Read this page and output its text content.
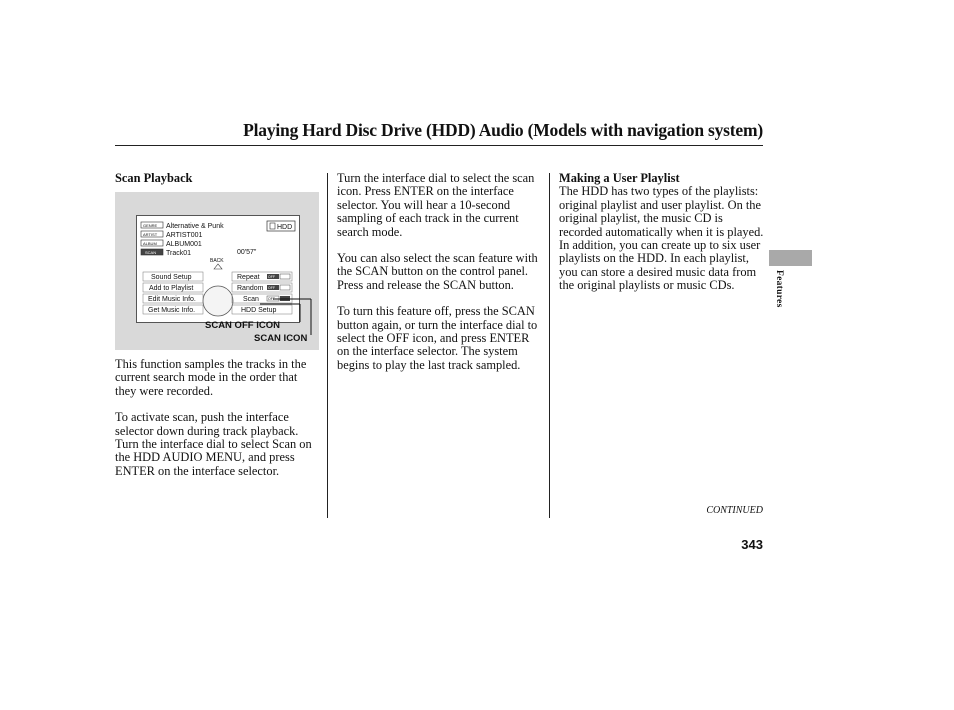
Playing Hard Disc Drive (HDD) Audio (Models with navigation system)
Scan Playback
GENRE
ARTIST
ALBUM
SCAN
Alternative & Punk
ARTIST001
ALBUM001
Track01	00'57"
HDD
BACK
Sound Setup
Add to Playlist
Edit Music Info.
Get Music Info.
Repeat
Random
Scan
HDD Setup
OFF
OFF
OFF
SCAN OFF ICON
SCAN ICON

This function samples the tracks in the current search mode in the order that they were recorded.

To activate scan, push the interface selector down during track playback. Turn the interface dial to select Scan on the HDD AUDIO MENU, and press ENTER on the interface selector.

Turn the interface dial to select the scan icon. Press ENTER on the interface selector. You will hear a 10-second sampling of each track in the current search mode.

You can also select the scan feature with the SCAN button on the control panel. Press and release the SCAN button.

To turn this feature off, press the SCAN button again, or turn the interface dial to select the OFF icon, and press ENTER on the interface selector. The system begins to play the last track sampled.

Making a User Playlist

The HDD has two types of the playlists: original playlist and user playlist. On the original playlist, the music CD is recorded automatically when it is played. In addition, you can create up to six user playlists on the HDD. In each playlist, you can store a desired music data from the original playlists or music CDs.	Features
CONTINUED
343
